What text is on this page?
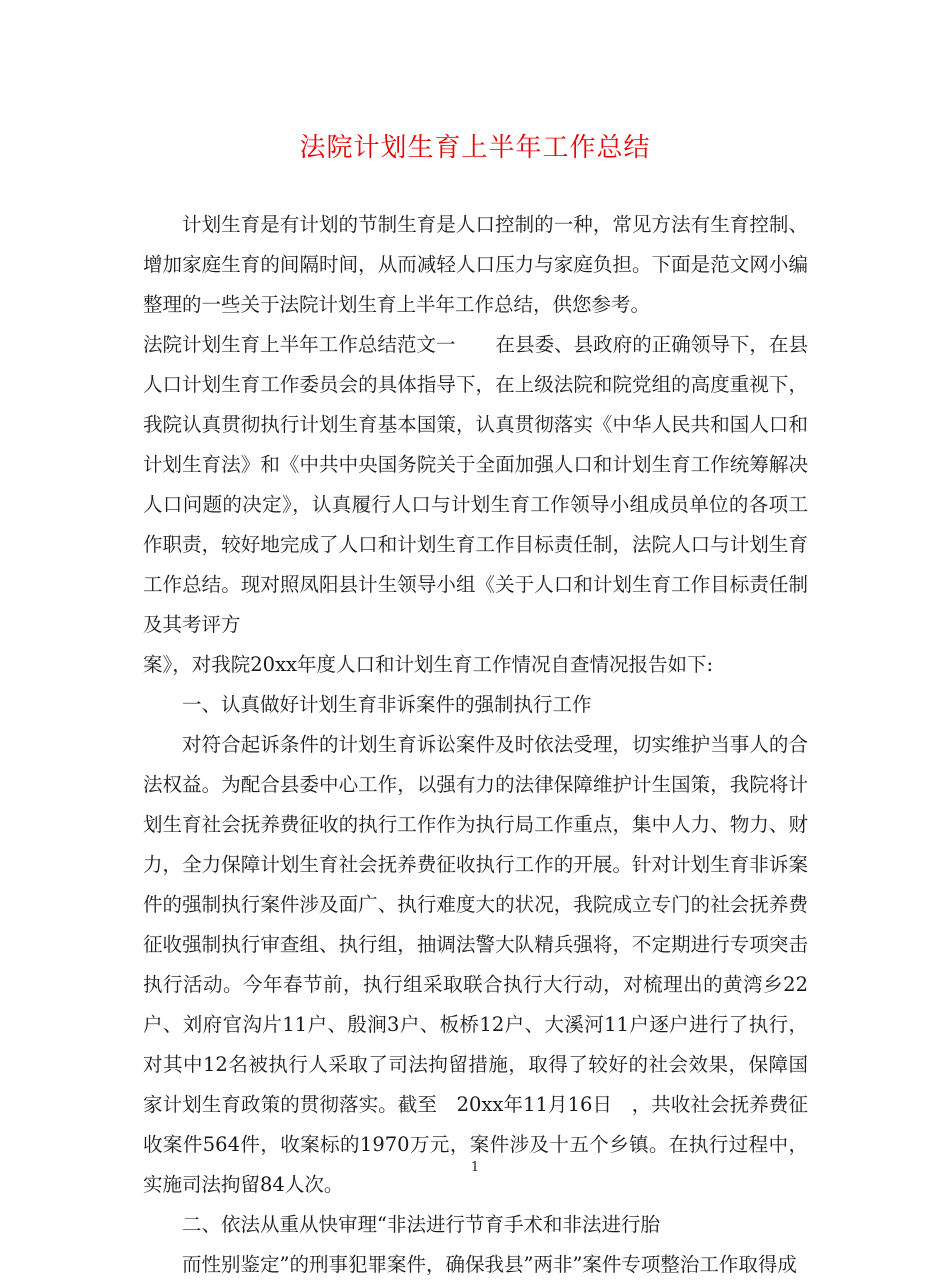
法院计划生育上半年工作总结

计划生育是有计划的节制生育是人口控制的一种，常见方法有生育控制、增加家庭生育的间隔时间，从而减轻人口压力与家庭负担。下面是范文网小编整理的一些关于法院计划生育上半年工作总结，供您参考。

法院计划生育上半年工作总结范文一 在县委、县政府的正确领导下，在县人口计划生育工作委员会的具体指导下，在上级法院和院党组的高度重视下，我院认真贯彻执行计划生育基本国策，认真贯彻落实《中华人民共和国人口和计划生育法》和《中共中央国务院关于全面加强人口和计划生育工作统筹解决人口问题的决定》，认真履行人口与计划生育工作领导小组成员单位的各项工作职责，较好地完成了人口和计划生育工作目标责任制，法院人口与计划生育工作总结。现对照凤阳县计生领导小组《关于人口和计划生育工作目标责任制及其考评方

案》，对我院20xx年度人口和计划生育工作情况自查情况报告如下:

一、认真做好计划生育非诉案件的强制执行工作

对符合起诉条件的计划生育诉讼案件及时依法受理，切实维护当事人的合法权益。为配合县委中心工作，以强有力的法律保障维护计生国策，我院将计划生育社会抚养费征收的执行工作作为执行局工作重点，集中人力、物力、财力，全力保障计划生育社会抚养费征收执行工作的开展。针对计划生育非诉案件的强制执行案件涉及面广、执行难度大的状况，我院成立专门的社会抚养费征收强制执行审查组、执行组，抽调法警大队精兵强将，不定期进行专项突击执行活动。今年春节前，执行组采取联合执行大行动，对梳理出的黄湾乡22户、刘府官沟片11户、殷涧3户、板桥12户、大溪河11户逐户进行了执行，对其中12名被执行人采取了司法拘留措施，取得了较好的社会效果，保障国家计划生育政策的贯彻落实。截至　20xx年11月16日　，共收社会抚养费征收案件564件，收案标的1970万元，案件涉及十五个乡镇。在执行过程中，实施司法拘留84人次。

二、依法从重从快审理“非法进行节育手术和非法进行胎

而性别鉴定”的刑事犯罪案件，确保我县”两非”案件专项整治工作取得成

1
